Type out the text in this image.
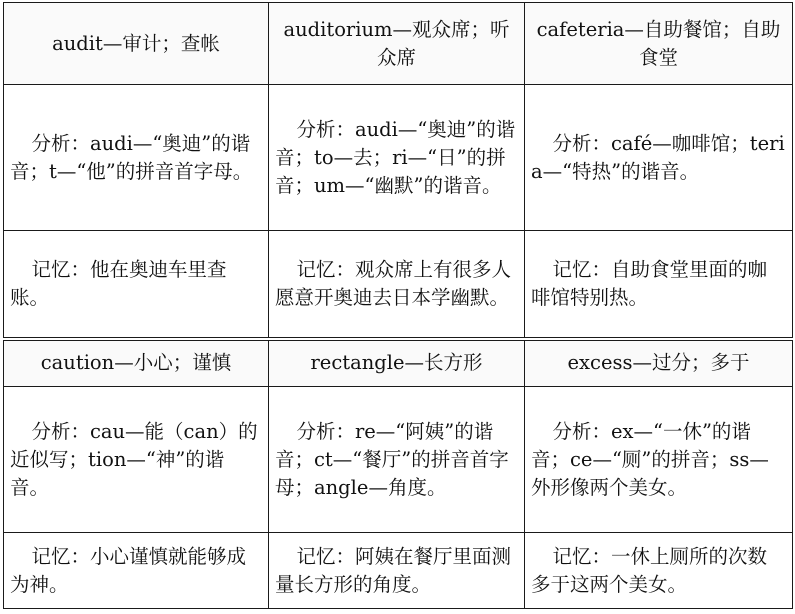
audit—审计；查帐	auditorium—观众席；听众席	cafeteria—自助餐馆；自助食堂
分析：audi—“奥迪”的谐音；t—“他”的拼音首字母。	分析：audi—“奥迪”的谐音；to—去；ri—“日”的拼音；um—“幽默”的谐音。	分析：café—咖啡馆；teria—“特热”的谐音。
记忆：他在奥迪车里查账。	记忆：观众席上有很多人愿意开奥迪去日本学幽默。	记忆：自助食堂里面的咖啡馆特别热。
caution—小心；谨慎	rectangle—长方形	excess—过分；多于
分析：cau—能（can）的近似写；tion—“神”的谐音。	分析：re—“阿姨”的谐音；ct—“餐厅”的拼音首字母；angle—角度。	分析：ex—“一休”的谐音；ce—“厕”的拼音；ss—外形像两个美女。
记忆：小心谨慎就能够成为神。	记忆：阿姨在餐厅里面测量长方形的角度。	记忆：一休上厕所的次数多于这两个美女。
